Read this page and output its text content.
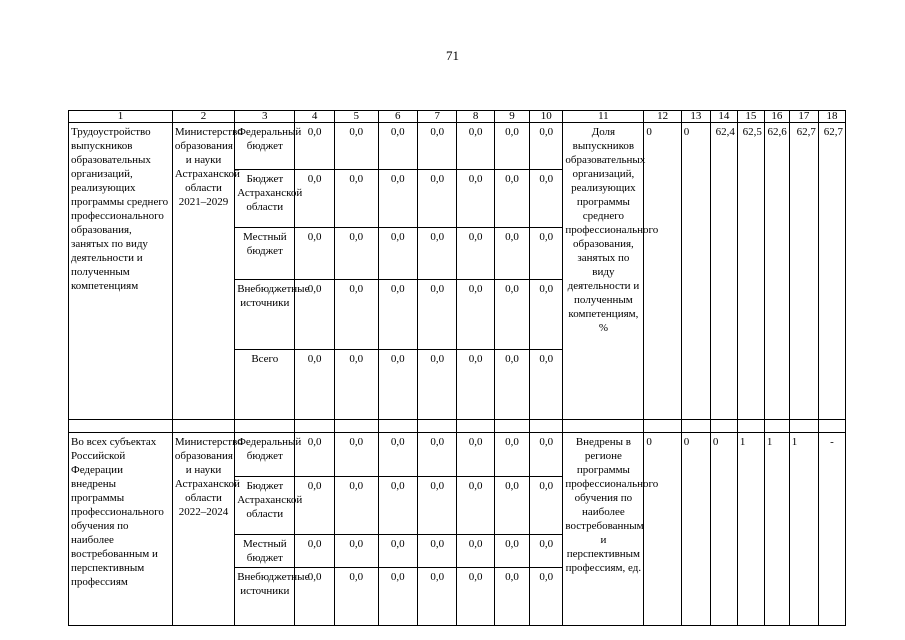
71
1	2	3	4	5	6	7	8	9	10	11	12	13	14	15	16	17	18
Трудоустройство выпускников образовательных организаций, реализующих программы среднего профессионального образования, занятых по виду деятельности и полученным компетенциям	Министерство образования и науки Астраханской области 2021–2029	Федеральный бюджет	0,0	0,0	0,0	0,0	0,0	0,0	0,0	Доля выпускников образовательных организаций, реализующих программы среднего профессионального образования, занятых по виду деятельности и полученным компетенциям, %	0	0	62,4	62,5	62,6	62,7	62,7
		Бюджет Астраханской области	0,0	0,0	0,0	0,0	0,0	0,0	0,0								
		Местный бюджет	0,0	0,0	0,0	0,0	0,0	0,0	0,0								
		Внебюджетные источники	0,0	0,0	0,0	0,0	0,0	0,0	0,0								
		Всего	0,0	0,0	0,0	0,0	0,0	0,0	0,0								

Во всех субъектах Российской Федерации внедрены программы профессионального обучения по наиболее востребованным и перспективным профессиям	Министерство образования и науки Астраханской области 2022–2024	Федеральный бюджет	0,0	0,0	0,0	0,0	0,0	0,0	0,0	Внедрены в регионе программы профессионального обучения по наиболее востребованным и перспективным профессиям, ед.	0	0	0	1	1	1	-
		Бюджет Астраханской области	0,0	0,0	0,0	0,0	0,0	0,0	0,0								
		Местный бюджет	0,0	0,0	0,0	0,0	0,0	0,0	0,0								
		Внебюджетные источники	0,0	0,0	0,0	0,0	0,0	0,0	0,0								
